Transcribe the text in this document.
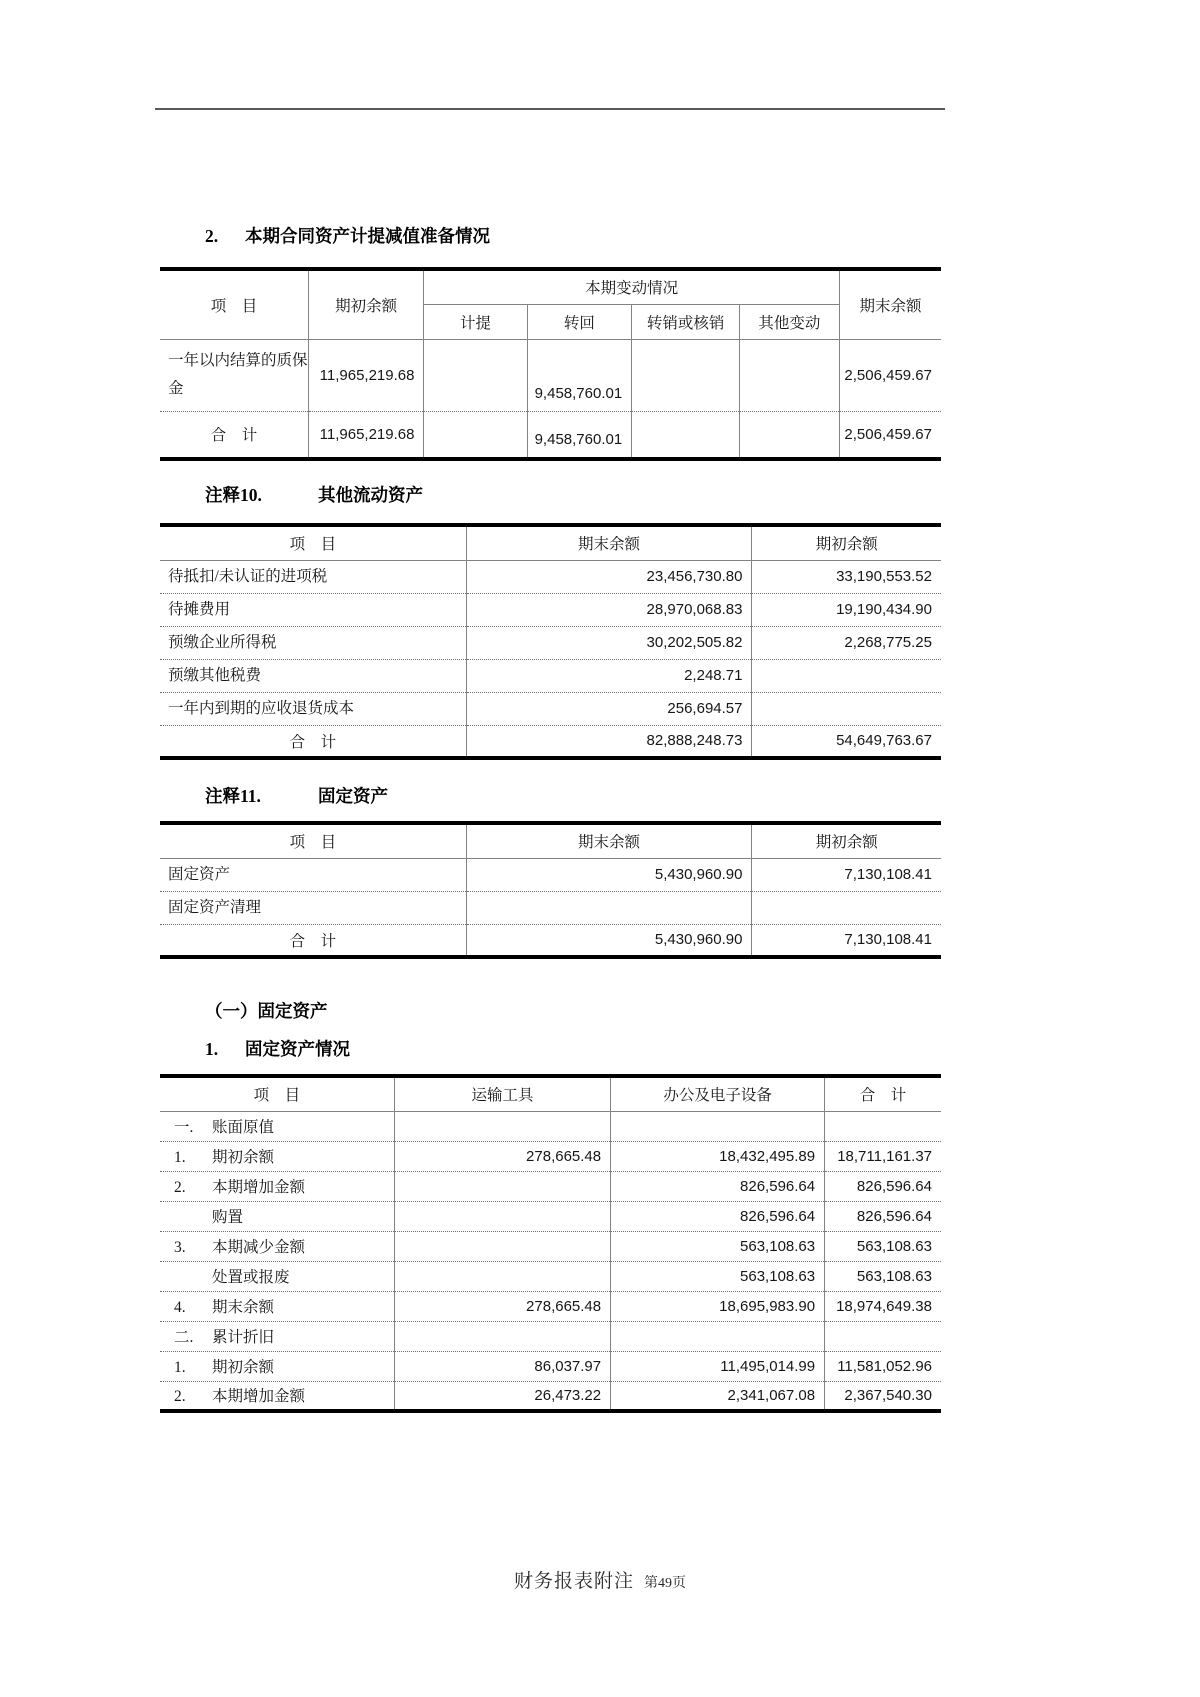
2. 本期合同资产计提减值准备情况
项　目	期初余额	本期变动情况				期末余额
		计提	转回	转销或核销	其他变动	
一年以内结算的质保金	11,965,219.68		9,458,760.01			2,506,459.67
合　计	11,965,219.68		9,458,760.01			2,506,459.67
注释10.	其他流动资产
项　目	期末余额	期初余额
待抵扣/未认证的进项税	23,456,730.80	33,190,553.52
待摊费用	28,970,068.83	19,190,434.90
预缴企业所得税	30,202,505.82	2,268,775.25
预缴其他税费	2,248.71	
一年内到期的应收退货成本	256,694.57	
合　计	82,888,248.73	54,649,763.67
注释11.	固定资产
项　目	期末余额	期初余额
固定资产	5,430,960.90	7,130,108.41
固定资产清理		
合　计	5,430,960.90	7,130,108.41
（一）固定资产
1. 固定资产情况
项　目	运输工具	办公及电子设备	合　计
一. 账面原值			
1. 期初余额	278,665.48	18,432,495.89	18,711,161.37
2. 本期增加金额		826,596.64	826,596.64
购置		826,596.64	826,596.64
3. 本期减少金额		563,108.63	563,108.63
处置或报废		563,108.63	563,108.63
4. 期末余额	278,665.48	18,695,983.90	18,974,649.38
二. 累计折旧			
1. 期初余额	86,037.97	11,495,014.99	11,581,052.96
2. 本期增加金额	26,473.22	2,341,067.08	2,367,540.30
财务报表附注 第49页
